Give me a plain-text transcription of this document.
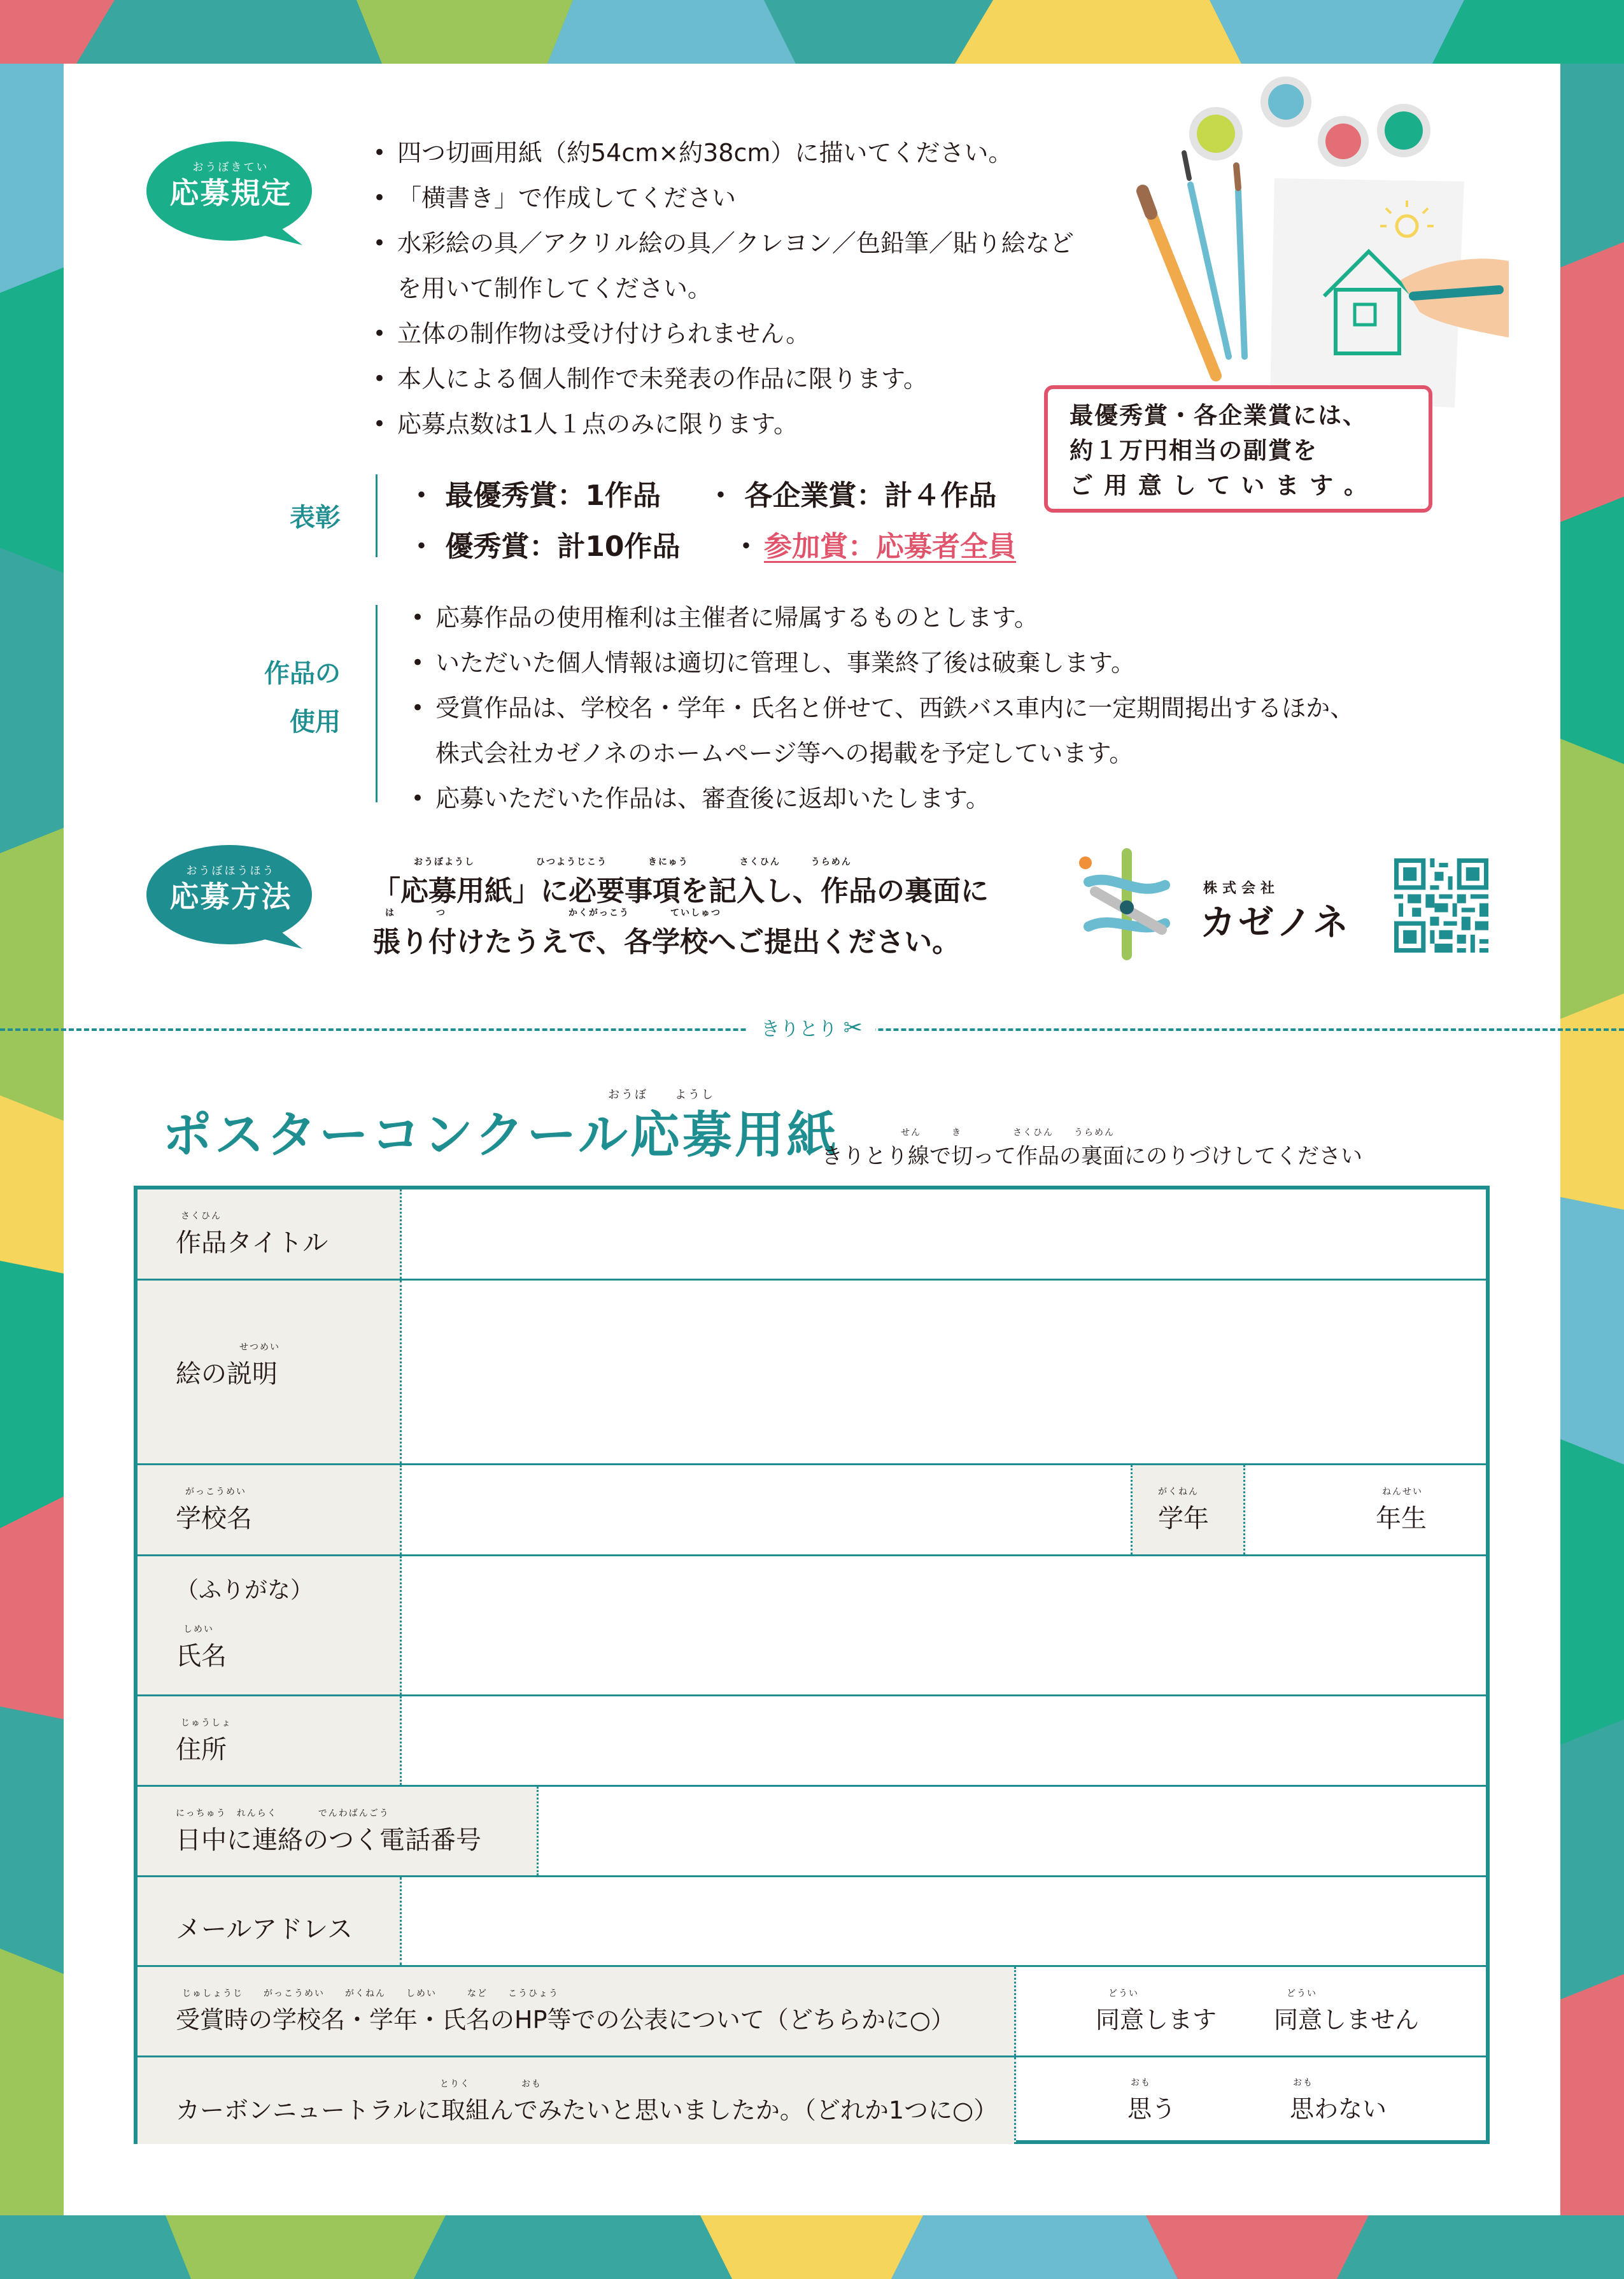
おうぼきてい
応募規定
• 四つ切画用紙（約54cm×約38cm）に描いてください。
• 「横書き」で作成してください
• 水彩絵の具／アクリル絵の具／クレヨン／色鉛筆／貼り絵など
を用いて制作してください。
• 立体の制作物は受け付けられません。
• 本人による個人制作で未発表の作品に限ります。
• 応募点数は1人１点のみに限ります。
表彰
・ 最優秀賞：1作品 ・ 各企業賞：計４作品
・ 優秀賞：計10作品 ・ 参加賞：応募者全員
最優秀賞・各企業賞には、
約１万円相当の副賞を
ご 用 意 し て い ま す 。
作品の
使用
• 応募作品の使用権利は主催者に帰属するものとします。
• いただいた個人情報は適切に管理し、事業終了後は破棄します。
• 受賞作品は、学校名・学年・氏名と併せて、西鉄バス車内に一定期間掲出するほか、
株式会社カゼノネのホームページ等への掲載を予定しています。
• 応募いただいた作品は、審査後に返却いたします。
おうぼほうほう
応募方法
おうぼようし　　　　　　ひつようじこう　　　　きにゅう　　　　　さくひん　　　うらめん
「応募用紙」に必要事項を記入し、作品の裏面に
は　　　　つ　　　　　　　　　　　　かくがっこう　　　　ていしゅつ
張り付けたうえで、各学校へご提出ください。
株式会社
カゼノネ
きりとり ✂
おうぼ　　ようし
ポスターコンクール応募用紙	せん　　　き　　　　　さくひん　　うらめん
きりとり線で切って作品の裏面にのりづけしてください
さくひん
作品タイトル
せつめい
絵の説明
がっこうめい
学校名
がくねん
学年
ねんせい
年生
（ふりがな）
しめい
氏名
じゅうしょ
住所
にっちゅう　れんらく　　　　でんわばんごう
日中に連絡のつく電話番号
メールアドレス
じゅしょうじ　　がっこうめい　　がくねん　　しめい　　　など　　こうひょう
受賞時の学校名・学年・氏名のHP等での公表について（どちらかに○）
どうい
同意します
どうい
同意しません
とりく　　　　　おも
カーボンニュートラルに取組んでみたいと思いましたか。（どれか1つに○）
おも
思う
おも
思わない
